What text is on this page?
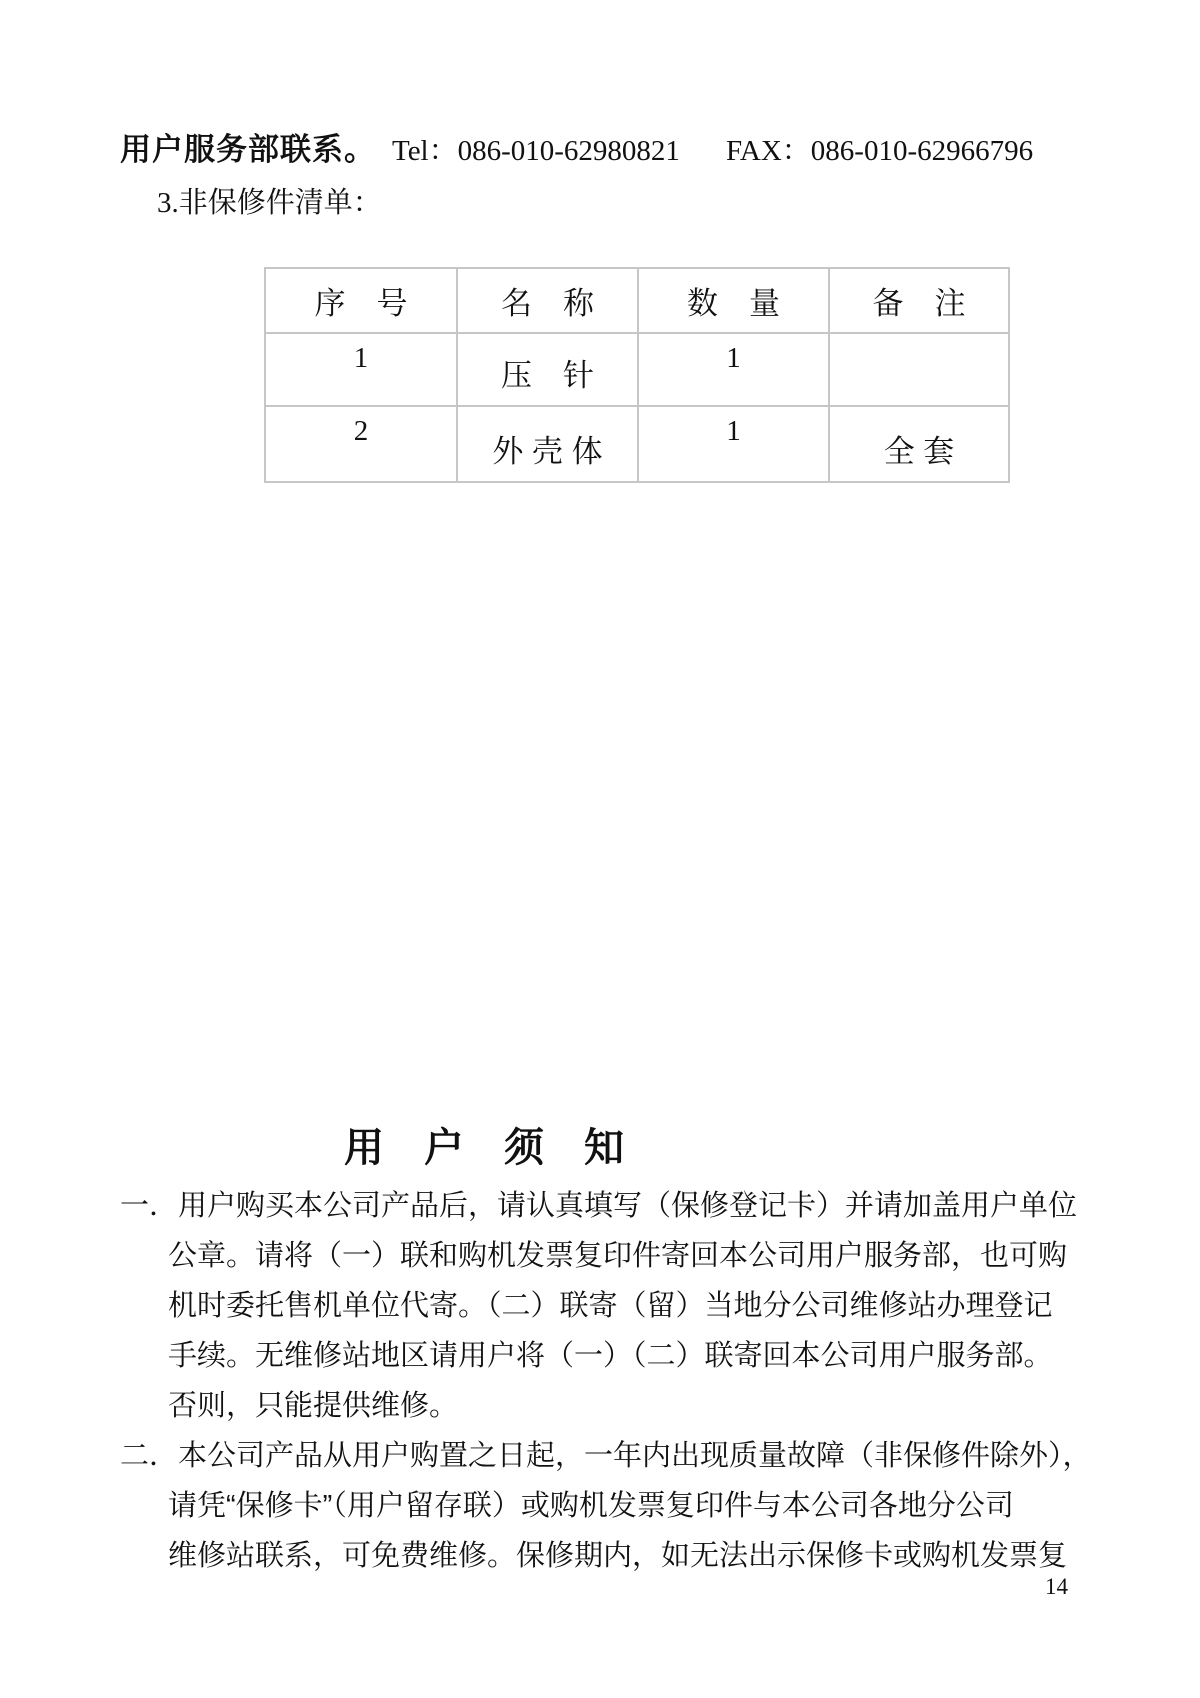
用户服务部联系。 Tel：086-010-62980821 FAX：086-010-62966796
3.非保修件清单：
序　号	名　称	数　量	备　注
1	压　针	1	
2	外 壳 体	1	全 套
用　户　须　知
一．用户购买本公司产品后，请认真填写（保修登记卡）并请加盖用户单位
公章。请将（一）联和购机发票复印件寄回本公司用户服务部，也可购
机时委托售机单位代寄。（二）联寄（留）当地分公司维修站办理登记
手续。无维修站地区请用户将（一）（二）联寄回本公司用户服务部。
否则，只能提供维修。
二．本公司产品从用户购置之日起，一年内出现质量故障（非保修件除外），
请凭“保修卡”（用户留存联）或购机发票复印件与本公司各地分公司
维修站联系，可免费维修。保修期内，如无法出示保修卡或购机发票复
14
